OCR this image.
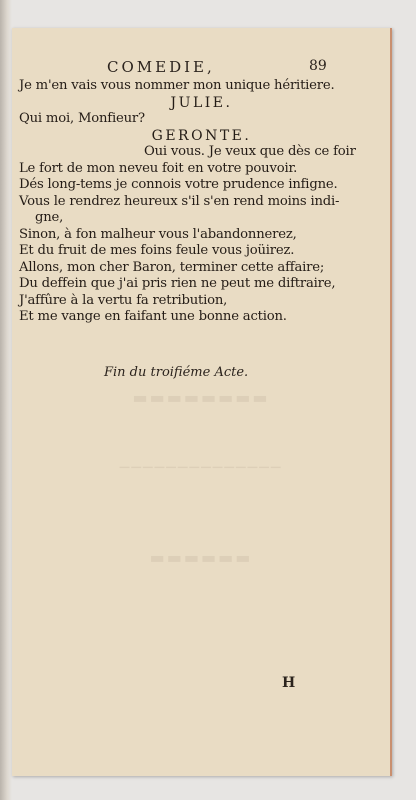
▬▬▬▬▬▬▬▬
──────────────
▬▬▬▬▬▬
COMEDIE,	89
Je m'en vais vous nommer mon unique héritiere.
JULIE.
Qui moi, Monfieur?
GERONTE.
Oui vous. Je veux que dès ce foir
Le fort de mon neveu foit en votre pouvoir.
Dés long-tems je connois votre prudence infigne.
Vous le rendrez heureux s'il s'en rend moins indi-
gne,
Sinon, à fon malheur vous l'abandonnerez,
Et du fruit de mes foins feule vous joüirez.
Allons, mon cher Baron, terminer cette affaire;
Du deffein que j'ai pris rien ne peut me diftraire,
J'affûre à la vertu fa retribution,
Et me vange en faifant une bonne action.
Fin du troifiéme Acte.
H
